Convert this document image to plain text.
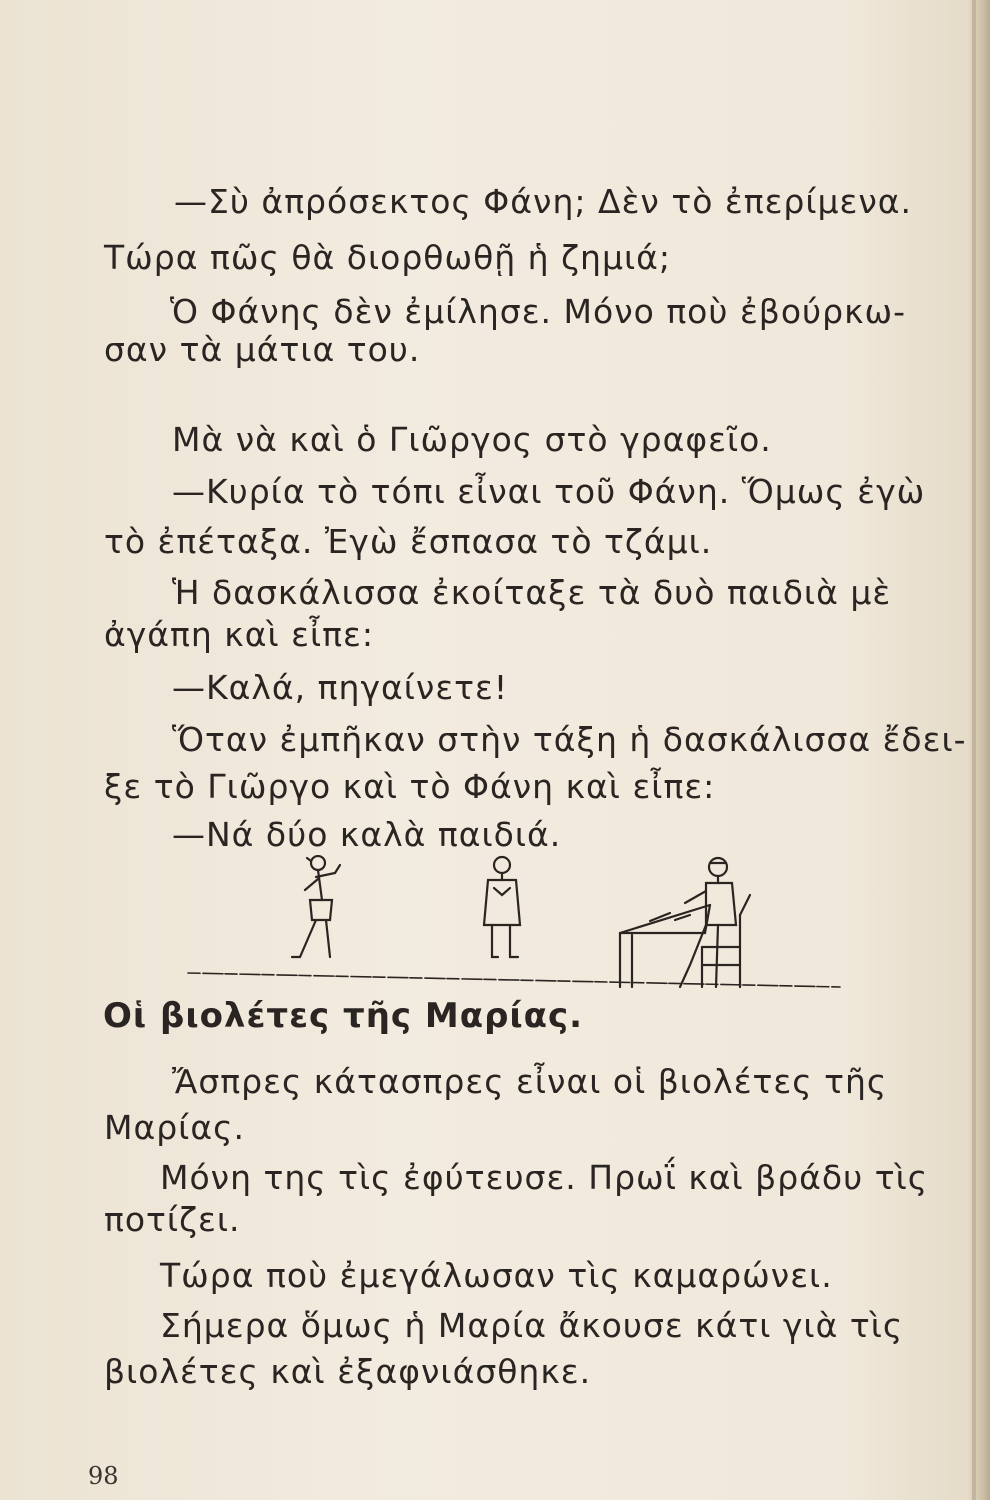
—Σὺ ἀπρόσεκτος Φάνη; Δὲν τὸ ἐπερίμενα.

Τώρα πῶς θὰ διορθωθῇ ἡ ζημιά;

Ὁ Φάνης δὲν ἐμίλησε. Μόνο ποὺ ἐβούρκω-

σαν τὰ μάτια του.

Μὰ νὰ καὶ ὁ Γιῶργος στὸ γραφεῖο.

—Κυρία τὸ τόπι εἶναι τοῦ Φάνη. Ὅμως ἐγὼ

τὸ ἐπέταξα. Ἐγὼ ἔσπασα τὸ τζάμι.

Ἡ δασκάλισσα ἐκοίταξε τὰ δυὸ παιδιὰ μὲ

ἀγάπη καὶ εἶπε:

—Καλά, πηγαίνετε!

Ὅταν ἐμπῆκαν στὴν τάξη ἡ δασκάλισσα ἔδει-

ξε τὸ Γιῶργο καὶ τὸ Φάνη καὶ εἶπε:

—Νά δύο καλὰ παιδιά.

Οἱ βιολέτες τῆς Μαρίας.

Ἄσπρες κάτασπρες εἶναι οἱ βιολέτες τῆς

Μαρίας.

Μόνη της τὶς ἐφύτευσε. Πρωΐ καὶ βράδυ τὶς

ποτίζει.

Τώρα ποὺ ἐμεγάλωσαν τὶς καμαρώνει.

Σήμερα ὅμως ἡ Μαρία ἄκουσε κάτι γιὰ τὶς

βιολέτες καὶ ἐξαφνιάσθηκε.

98
